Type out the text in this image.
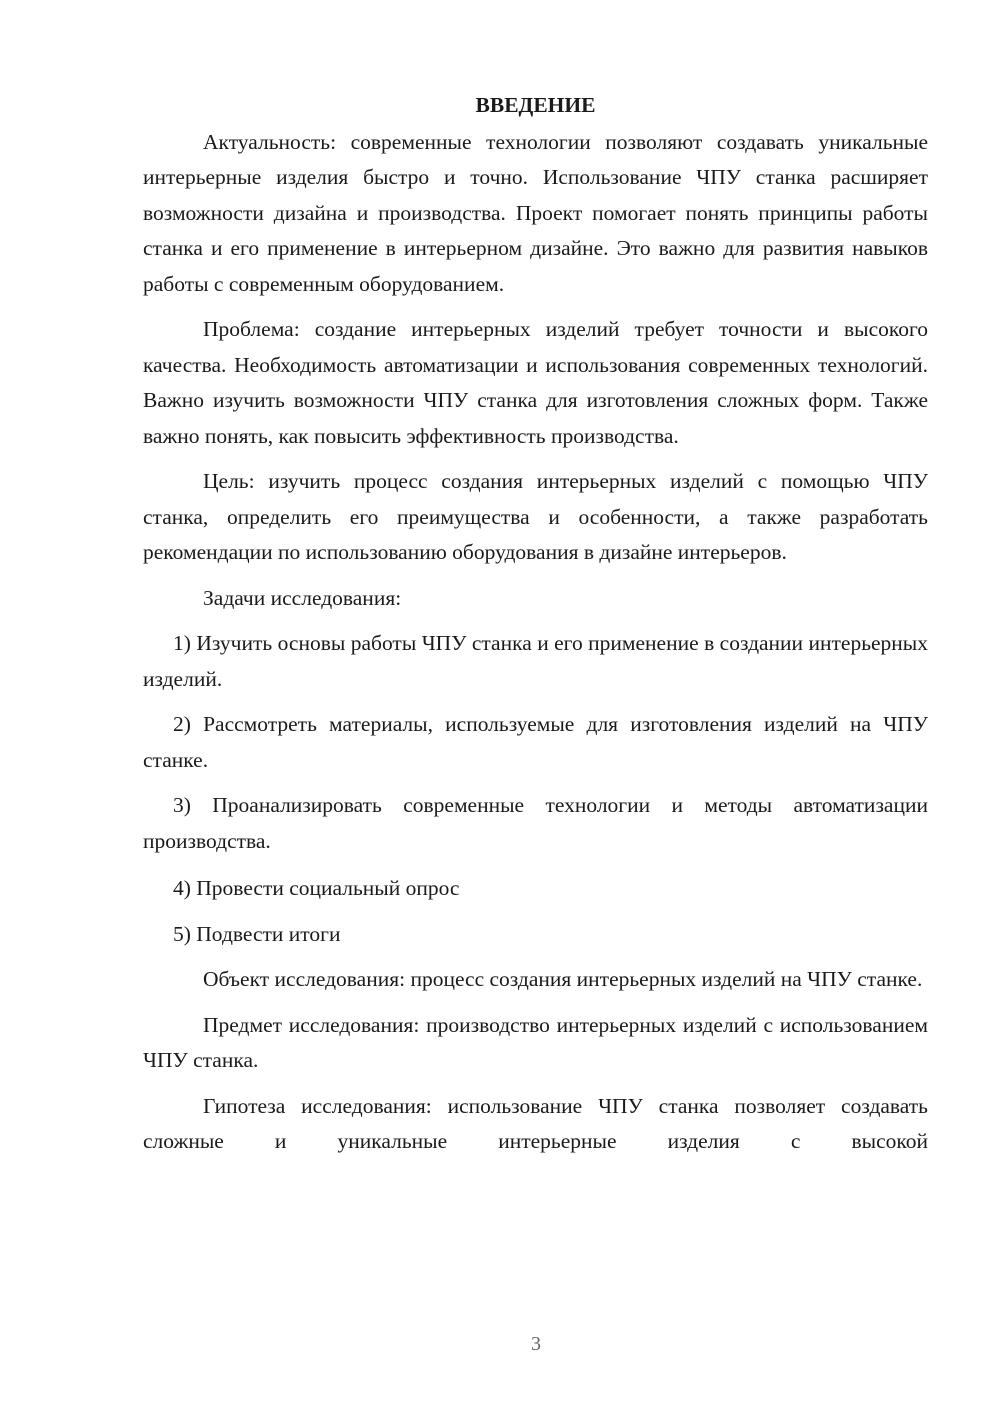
ВВЕДЕНИЕ

Актуальность: современные технологии позволяют создавать уникальные интерьерные изделия быстро и точно. Использование ЧПУ станка расширяет возможности дизайна и производства. Проект помогает понять принципы работы станка и его применение в интерьерном дизайне. Это важно для развития навыков работы с современным оборудованием.

Проблема: создание интерьерных изделий требует точности и высокого качества. Необходимость автоматизации и использования современных технологий. Важно изучить возможности ЧПУ станка для изготовления сложных форм. Также важно понять, как повысить эффективность производства.

Цель: изучить процесс создания интерьерных изделий с помощью ЧПУ станка, определить его преимущества и особенности, а также разработать рекомендации по использованию оборудования в дизайне интерьеров.

Задачи исследования:

1) Изучить основы работы ЧПУ станка и его применение в создании интерьерных изделий.

2) Рассмотреть материалы, используемые для изготовления изделий на ЧПУ станке.

3) Проанализировать современные технологии и методы автоматизации производства.

4) Провести социальный опрос

5) Подвести итоги

Объект исследования: процесс создания интерьерных изделий на ЧПУ станке.

Предмет исследования: производство интерьерных изделий с использованием ЧПУ станка.

Гипотеза исследования: использование ЧПУ станка позволяет создавать сложные и уникальные интерьерные изделия с высокой

3
